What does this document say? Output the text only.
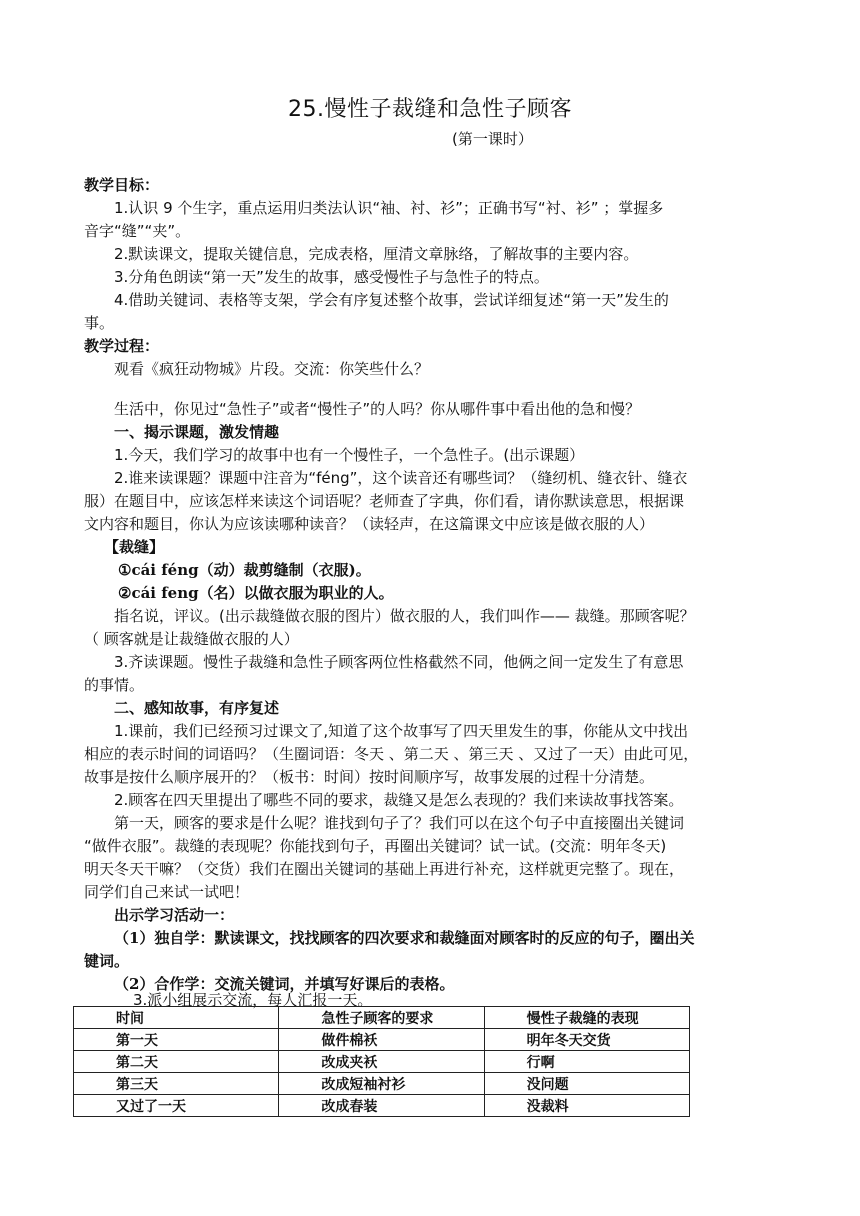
25.慢性子裁缝和急性子顾客
(第一课时）
教学目标：
1.认识 9 个生字，重点运用归类法认识“袖、衬、衫”；正确书写“衬、衫” ；掌握多
音字“缝”“夹”。
2.默读课文，提取关键信息，完成表格，厘清文章脉络，了解故事的主要内容。
3.分角色朗读“第一天”发生的故事，感受慢性子与急性子的特点。
4.借助关键词、表格等支架，学会有序复述整个故事，尝试详细复述“第一天”发生的
事。
教学过程：
观看《疯狂动物城》片段。交流：你笑些什么？
生活中，你见过“急性子”或者“慢性子”的人吗？你从哪件事中看出他的急和慢？
一、揭示课题，激发情趣
1.今天，我们学习的故事中也有一个慢性子，一个急性子。(出示课题）
2.谁来读课题？课题中注音为“féng”，这个读音还有哪些词？（缝纫机、缝衣针、缝衣
服）在题目中，应该怎样来读这个词语呢？老师查了字典，你们看，请你默读意思，根据课
文内容和题目，你认为应该读哪种读音？（读轻声，在这篇课文中应该是做衣服的人）
【裁缝】
①cái féng（动）裁剪缝制（衣服)。
②cái feng（名）以做衣服为职业的人。
指名说，评议。(出示裁缝做衣服的图片）做衣服的人，我们叫作—— 裁缝。那顾客呢？
（ 顾客就是让裁缝做衣服的人）
3.齐读课题。慢性子裁缝和急性子顾客两位性格截然不同，他俩之间一定发生了有意思
的事情。
二、感知故事，有序复述
1.课前，我们已经预习过课文了,知道了这个故事写了四天里发生的事，你能从文中找出
相应的表示时间的词语吗？（生圈词语：冬天 、第二天 、第三天 、又过了一天）由此可见，
故事是按什么顺序展开的？（板书：时间）按时间顺序写，故事发展的过程十分清楚。
2.顾客在四天里提出了哪些不同的要求，裁缝又是怎么表现的？我们来读故事找答案。
第一天，顾客的要求是什么呢？谁找到句子了？我们可以在这个句子中直接圈出关键词
“做件衣服”。裁缝的表现呢？你能找到句子，再圈出关键词？试一试。(交流：明年冬天)
明天冬天干嘛？（交货）我们在圈出关键词的基础上再进行补充，这样就更完整了。现在，
同学们自己来试一试吧！
出示学习活动一：
（1）独自学：默读课文，找找顾客的四次要求和裁缝面对顾客时的反应的句子，圈出关
键词。
（2）合作学：交流关键词，并填写好课后的表格。
3.派小组展示交流，每人汇报一天。
时间	急性子顾客的要求	慢性子裁缝的表现
第一天	做件棉袄	明年冬天交货
第二天	改成夹袄	行啊
第三天	改成短袖衬衫	没问题
又过了一天	改成春装	没裁料
